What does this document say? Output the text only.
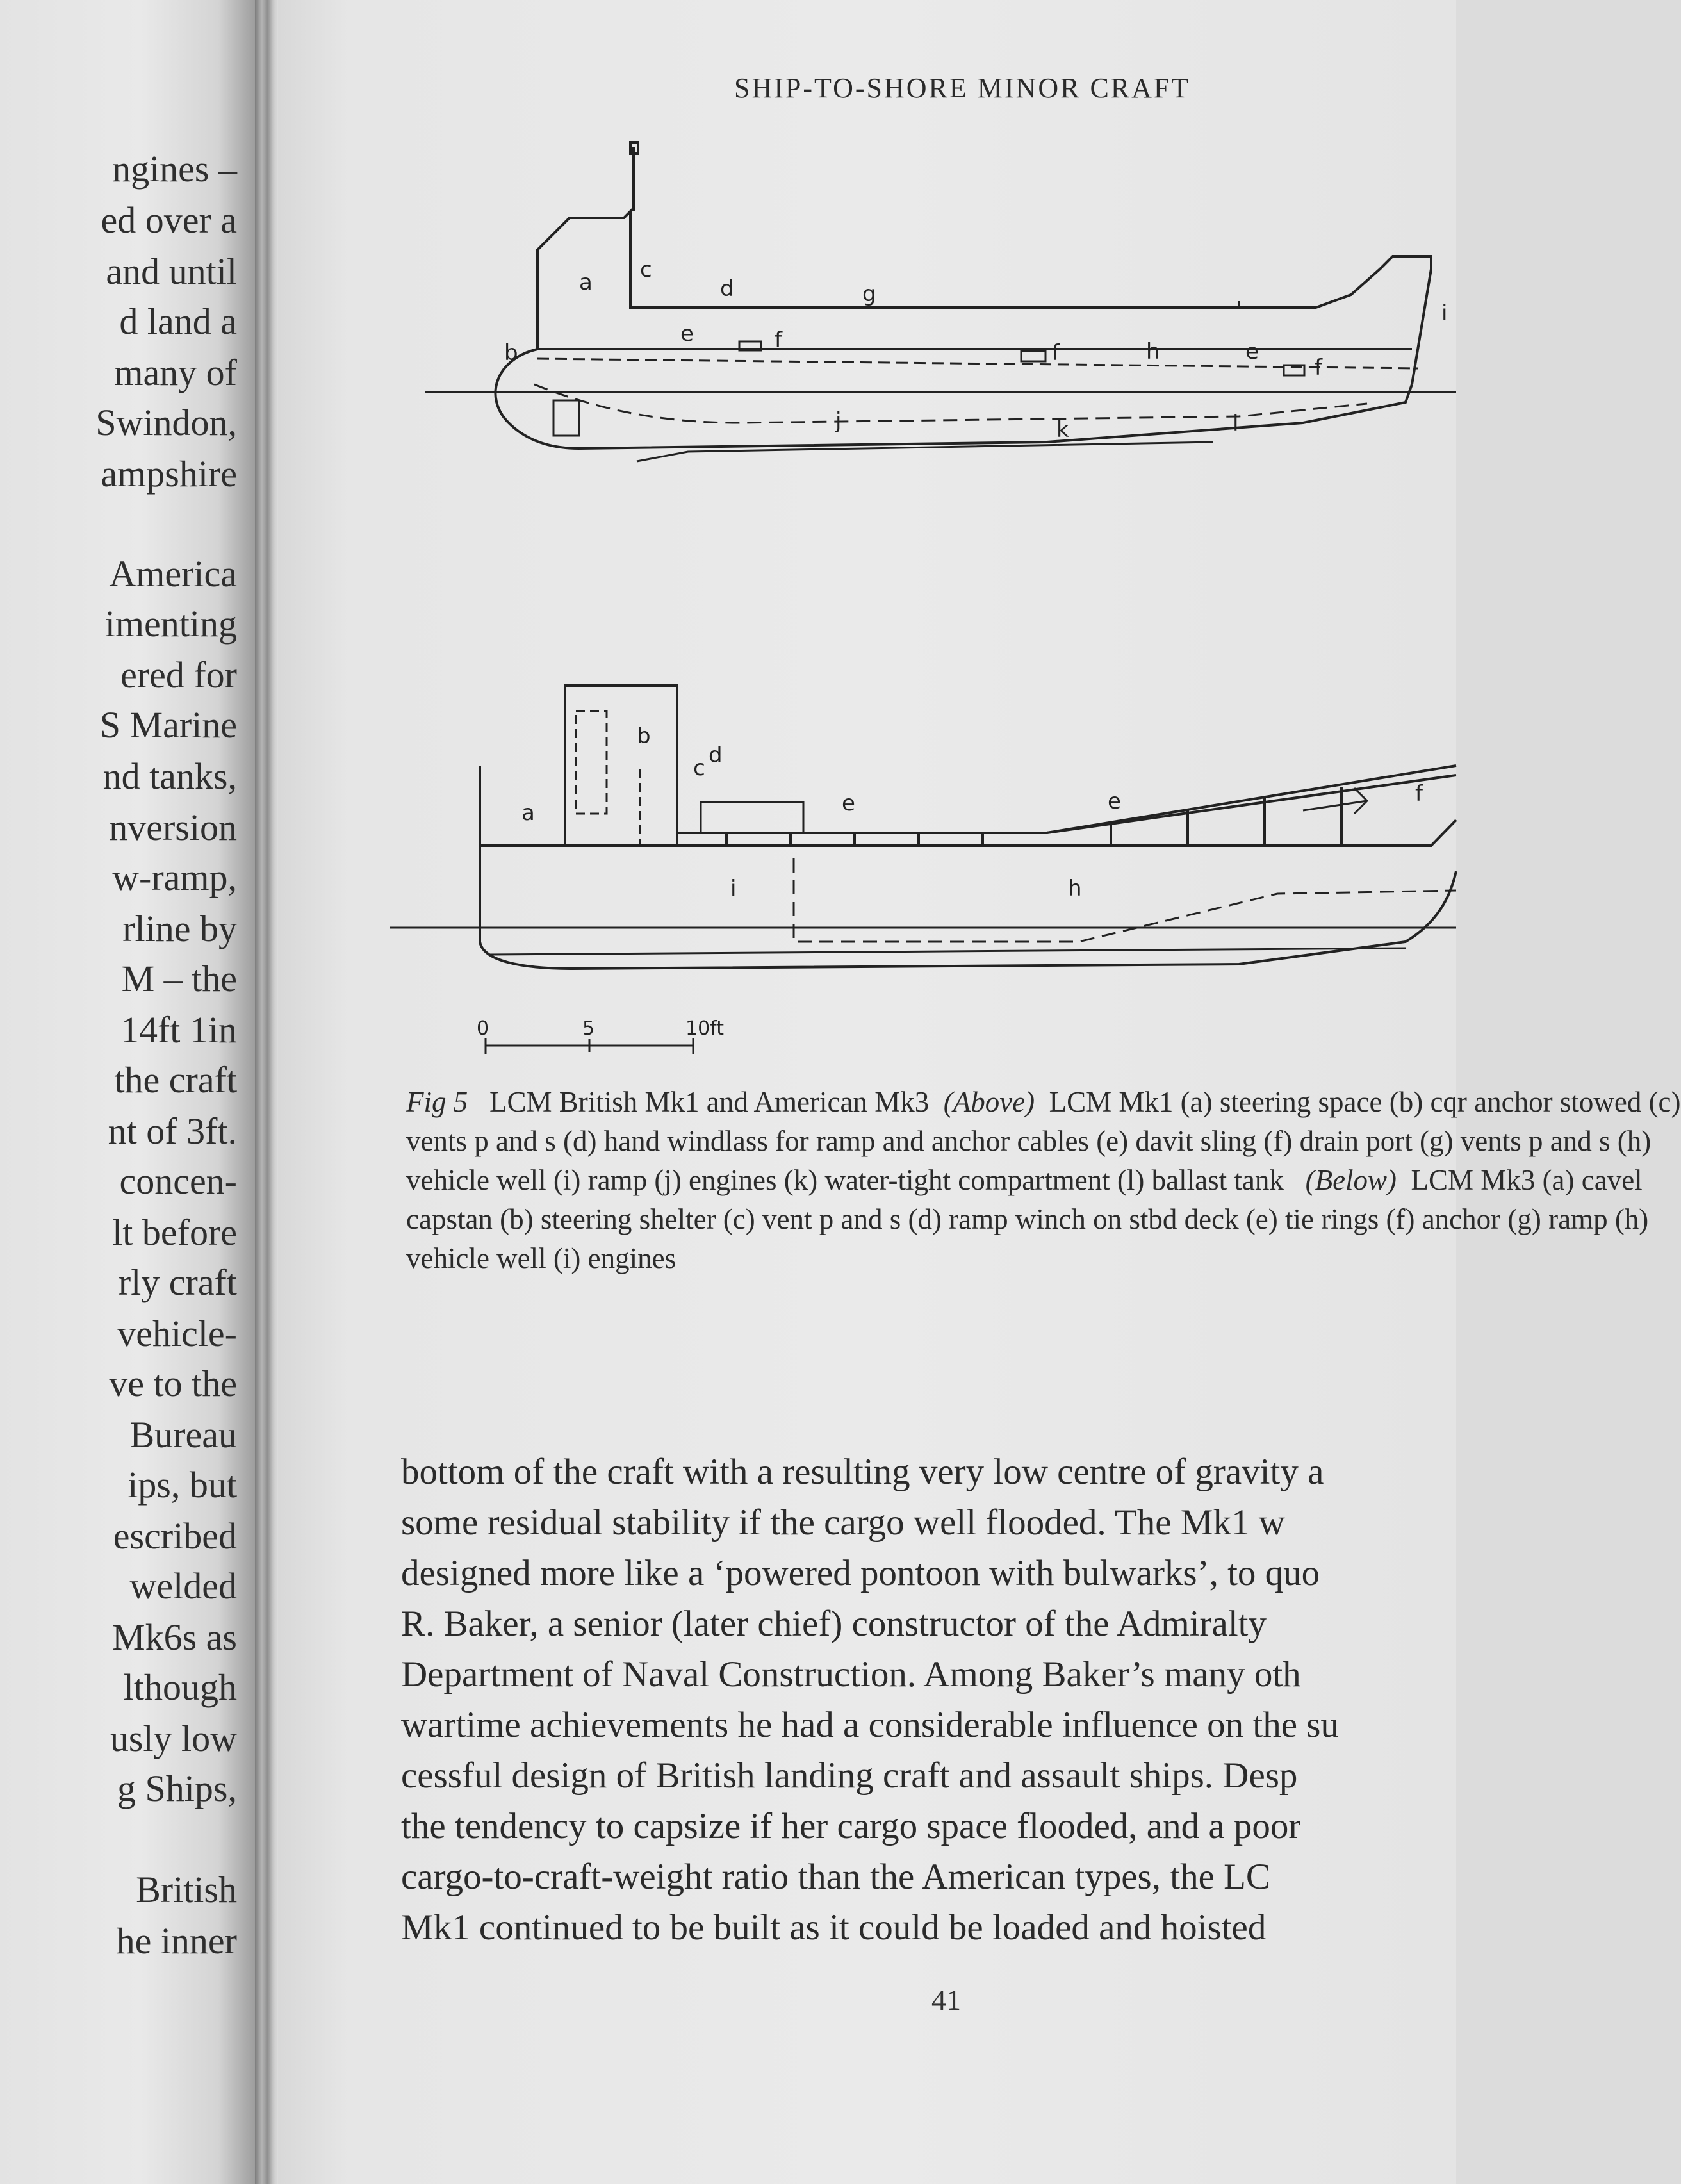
ngines –
ed over a
and until
d land a
many of
Swindon,
ampshire
America
imenting
ered for
S Marine
nd tanks,
nversion
w-ramp,
rline by
M – the
14ft 1in
the craft
nt of 3ft.
concen-
lt before
rly craft
vehicle-
ve to the
Bureau
ips, but
escribed
welded
Mk6s as
lthough
usly low
g Ships,
British
he inner
SHIP-TO-SHORE MINOR CRAFT
a
b
c
d
e	f	f
f
g
h	e
i
j	k	l
a
b
c d
e	e	f
i	h
0	5	10ft
Fig 5 LCM British Mk1 and American Mk3 (Above) LCM Mk1 (a) steering space (b) cqr anchor stowed (c) vents p and s (d) hand windlass for ramp and anchor cables (e) davit sling (f) drain port (g) vents p and s (h) vehicle well (i) ramp (j) engines (k) water-tight compartment (l) ballast tank (Below) LCM Mk3 (a) cavel capstan (b) steering shelter (c) vent p and s (d) ramp winch on stbd deck (e) tie rings (f) anchor (g) ramp (h) vehicle well (i) engines
bottom of the craft with a resulting very low centre of gravity a
some residual stability if the cargo well flooded. The Mk1 w
designed more like a ‘powered pontoon with bulwarks’, to quo
R. Baker, a senior (later chief) constructor of the Admiralty
Department of Naval Construction. Among Baker’s many oth
wartime achievements he had a considerable influence on the su
cessful design of British landing craft and assault ships. Desp
the tendency to capsize if her cargo space flooded, and a poor
cargo-to-craft-weight ratio than the American types, the LC
Mk1 continued to be built as it could be loaded and hoisted
41
